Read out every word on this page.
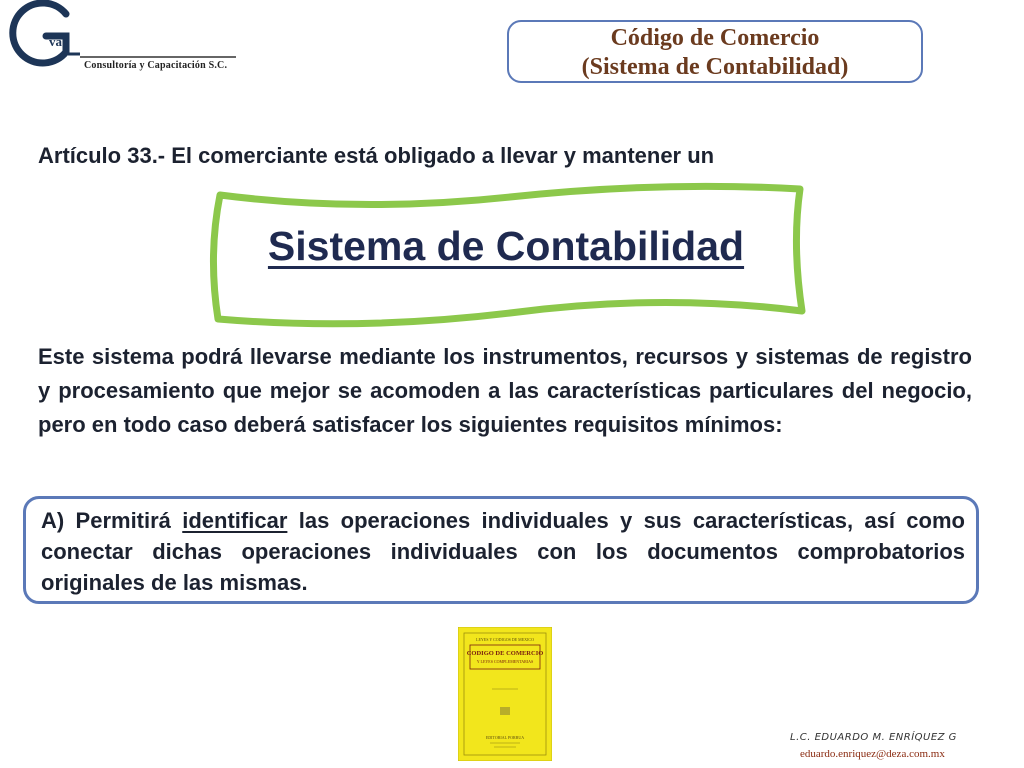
va
Consultoría y Capacitación S.C.
Código de Comercio
(Sistema de Contabilidad)
Artículo 33.- El comerciante está obligado a llevar y mantener un
Sistema de Contabilidad
Este sistema podrá llevarse mediante los instrumentos, recursos y sistemas de registro y procesamiento que mejor se acomoden a las características particulares del negocio, pero en todo caso deberá satisfacer los siguientes requisitos mínimos:
A) Permitirá identificar las operaciones individuales y sus características, así como conectar dichas operaciones individuales con los documentos comprobatorios originales de las mismas.
LEYES Y CODIGOS DE MEXICO
CODIGO DE COMERCIO
Y LEYES COMPLEMENTARIAS
EDITORIAL PORRUA	L.C. EDUARDO M. ENRÍQUEZ G
eduardo.enriquez@deza.com.mx
